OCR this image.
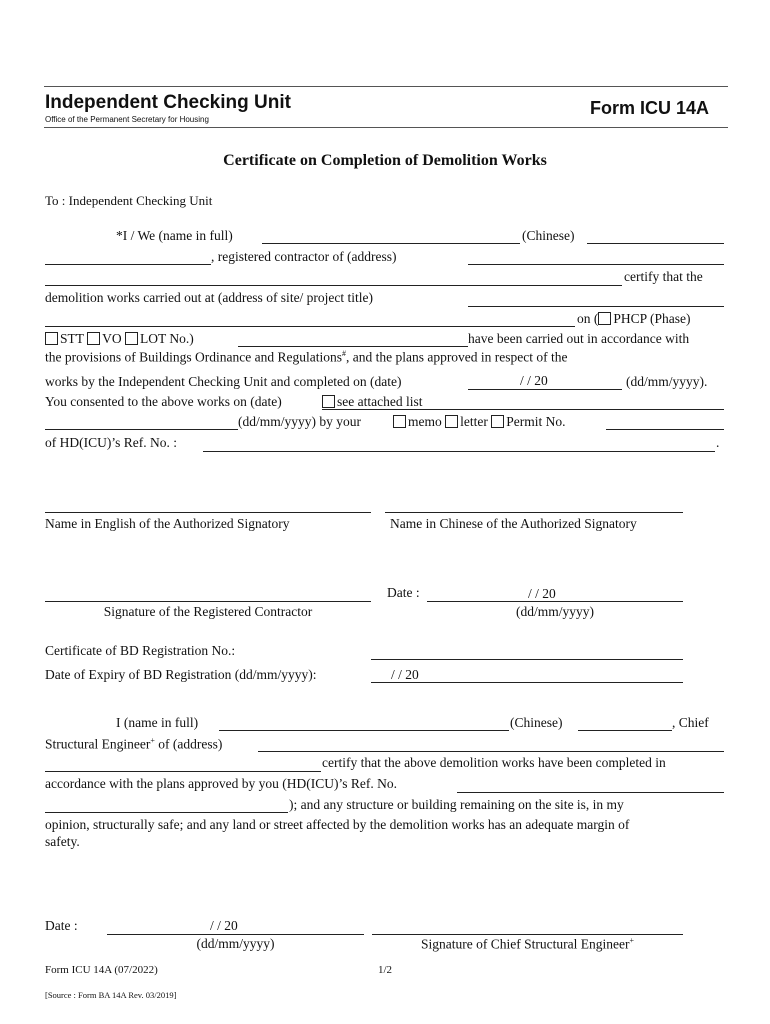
Independent Checking Unit
Office of the Permanent Secretary for Housing
Form ICU 14A
Certificate on Completion of Demolition Works
To : Independent Checking Unit
*I / We (name in full)	(Chinese)
, registered contractor of (address)
certify that the
demolition works carried out at (address of site/ project title)
on ( PHCP (Phase)
STT VO LOT No.)	have been carried out in accordance with
the provisions of Buildings Ordinance and Regulations#, and the plans approved in respect of the
works by the Independent Checking Unit and completed on (date)	/ / 20	(dd/mm/yyyy).
You consented to the above works on (date)	see attached list
(dd/mm/yyyy) by your	memo letter Permit No.
of HD(ICU)’s Ref. No. :	.
Name in English of the Authorized Signatory	Name in Chinese of the Authorized Signatory
Signature of the Registered Contractor
Date :	/ / 20
(dd/mm/yyyy)
Certificate of BD Registration No.:
Date of Expiry of BD Registration (dd/mm/yyyy):	/ / 20
I (name in full)	(Chinese)	, Chief
Structural Engineer+ of (address)
certify that the above demolition works have been completed in
accordance with the plans approved by you (HD(ICU)’s Ref. No.
); and any structure or building remaining on the site is, in my
opinion, structurally safe; and any land or street affected by the demolition works has an adequate margin of
safety.
Date :	/ / 20
(dd/mm/yyyy)	Signature of Chief Structural Engineer+
Form ICU 14A (07/2022)	1/2
[Source : Form BA 14A Rev. 03/2019]
